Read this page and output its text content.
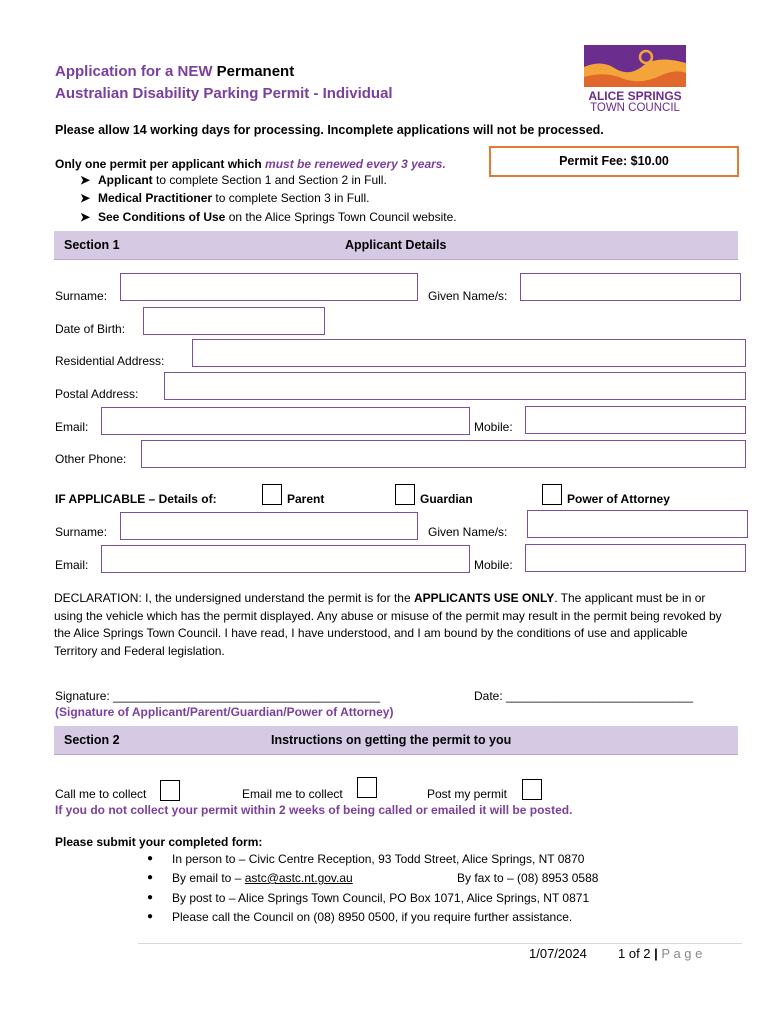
Application for a NEW Permanent
Australian Disability Parking Permit - Individual	ALICE SPRINGS
TOWN COUNCIL
Please allow 14 working days for processing. Incomplete applications will not be processed.
Only one permit per applicant which must be renewed every 3 years.	Permit Fee: $10.00
➤ Applicant to complete Section 1 and Section 2 in Full.
➤ Medical Practitioner to complete Section 3 in Full.
➤ See Conditions of Use on the Alice Springs Town Council website.
Section 1	Applicant Details
Surname:	Given Name/s:
Date of Birth:
Residential Address:
Postal Address:
Email:	Mobile:
Other Phone:
IF APPLICABLE – Details of:	Parent	Guardian	Power of Attorney
Surname:	Given Name/s:
Email:	Mobile:
DECLARATION: I, the undersigned understand the permit is for the APPLICANTS USE ONLY. The applicant must be in or using the vehicle which has the permit displayed. Any abuse or misuse of the permit may result in the permit being revoked by the Alice Springs Town Council. I have read, I have understood, and I am bound by the conditions of use and applicable Territory and Federal legislation.
Signature: ________________________________________	Date: ____________________________
(Signature of Applicant/Parent/Guardian/Power of Attorney)
Section 2	Instructions on getting the permit to you
Call me to collect	Email me to collect	Post my permit
If you do not collect your permit within 2 weeks of being called or emailed it will be posted.
Please submit your completed form:
● In person to – Civic Centre Reception, 93 Todd Street, Alice Springs, NT 0870
● By email to – astc@astc.nt.gov.au	By fax to – (08) 8953 0588
● By post to – Alice Springs Town Council, PO Box 1071, Alice Springs, NT 0871
● Please call the Council on (08) 8950 0500, if you require further assistance.
1/07/2024 1 of 2 | P a g e
